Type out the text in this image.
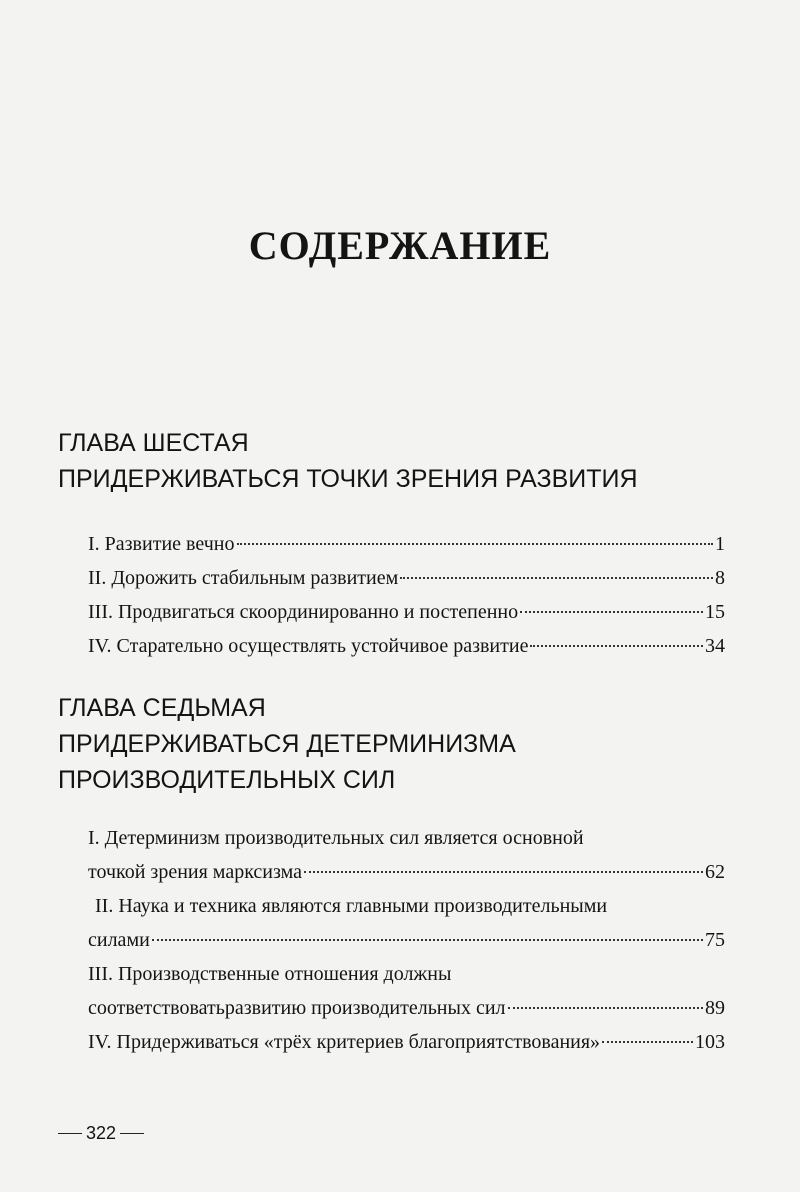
СОДЕРЖАНИЕ
ГЛАВА ШЕСТАЯ
ПРИДЕРЖИВАТЬСЯ ТОЧКИ ЗРЕНИЯ РАЗВИТИЯ
I. Развитие вечно	1
II. Дорожить стабильным развитием	8
III. Продвигаться скоординированно и постепенно	15
IV. Старательно осуществлять устойчивое развитие	34
ГЛАВА СЕДЬМАЯ
ПРИДЕРЖИВАТЬСЯ ДЕТЕРМИНИЗМА
ПРОИЗВОДИТЕЛЬНЫХ СИЛ
I. Детерминизм производительных сил является основной
точкой зрения марксизма	62
II. Наука и техника являются главными производительными
силами	75
III. Производственные отношения должны
соответствоватьразвитию производительных сил	89
IV. Придерживаться «трёх критериев благоприятствования»	103
322
